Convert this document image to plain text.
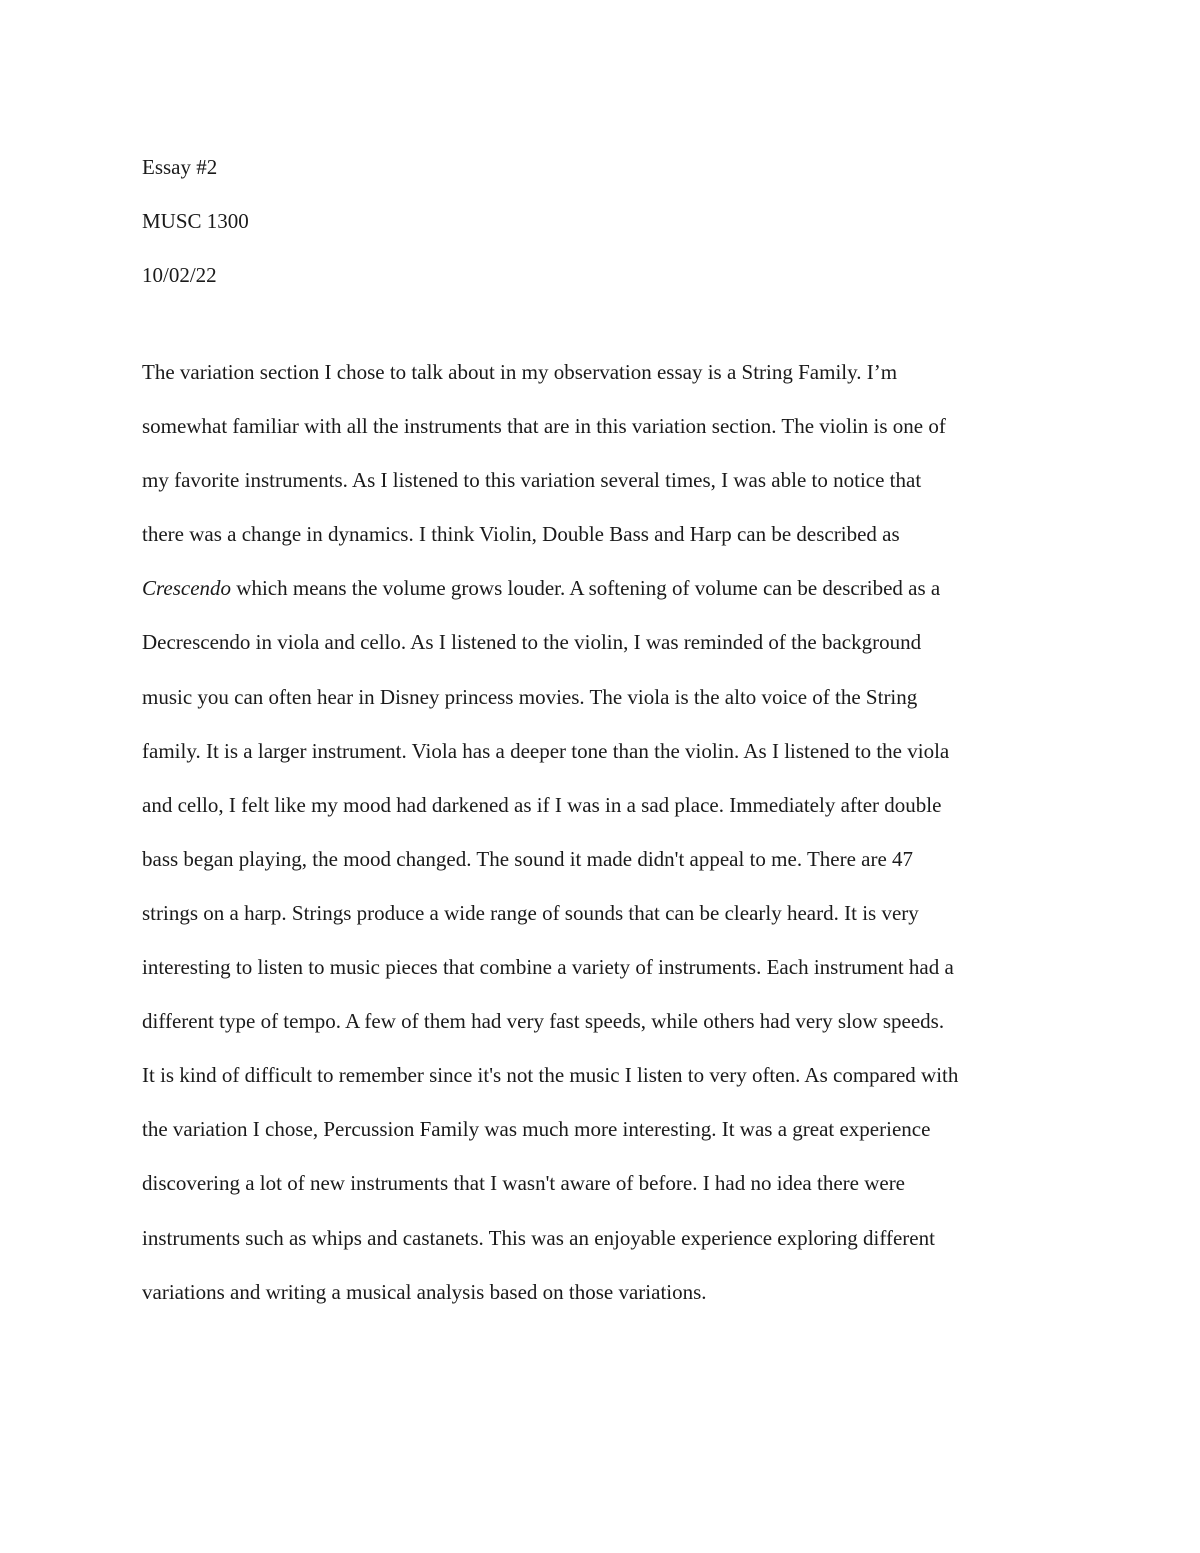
Essay #2
MUSC 1300
10/02/22
The variation section I chose to talk about in my observation essay is a String Family. I’m
somewhat familiar with all the instruments that are in this variation section. The violin is one of
my favorite instruments. As I listened to this variation several times, I was able to notice that
there was a change in dynamics. I think Violin, Double Bass and Harp can be described as
Crescendo which means the volume grows louder. A softening of volume can be described as a
Decrescendo in viola and cello. As I listened to the violin, I was reminded of the background
music you can often hear in Disney princess movies. The viola is the alto voice of the String
family. It is a larger instrument. Viola has a deeper tone than the violin. As I listened to the viola
and cello, I felt like my mood had darkened as if I was in a sad place. Immediately after double
bass began playing, the mood changed. The sound it made didn't appeal to me. There are 47
strings on a harp. Strings produce a wide range of sounds that can be clearly heard. It is very
interesting to listen to music pieces that combine a variety of instruments. Each instrument had a
different type of tempo. A few of them had very fast speeds, while others had very slow speeds.
It is kind of difficult to remember since it's not the music I listen to very often. As compared with
the variation I chose, Percussion Family was much more interesting. It was a great experience
discovering a lot of new instruments that I wasn't aware of before. I had no idea there were
instruments such as whips and castanets. This was an enjoyable experience exploring different
variations and writing a musical analysis based on those variations.
